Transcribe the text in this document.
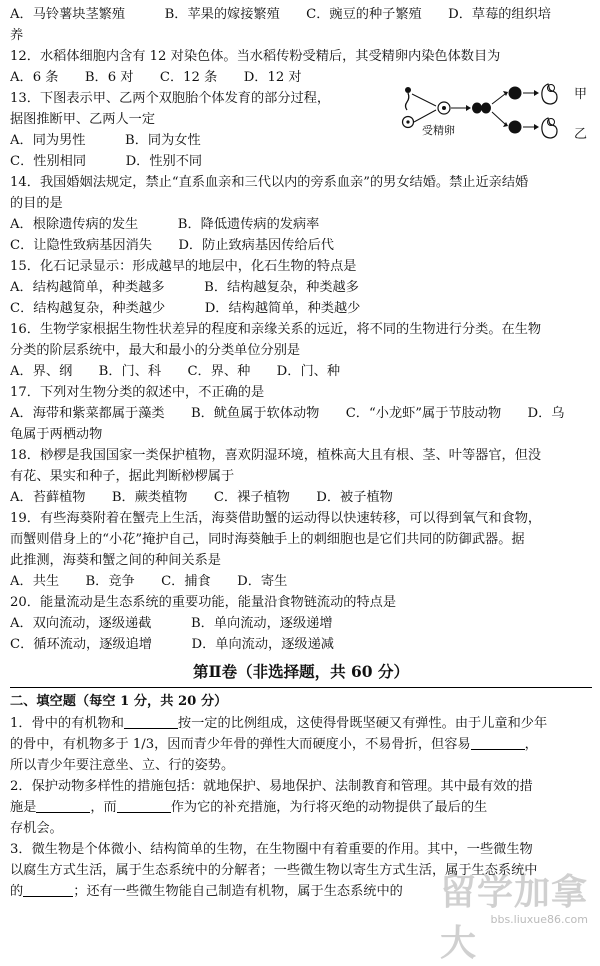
A．马铃薯块茎繁殖　　　B．苹果的嫁接繁殖　　C．豌豆的种子繁殖　　D．草莓的组织培
养
12．水稻体细胞内含有 12 对染色体。当水稻传粉受精后，其受精卵内染色体数目为
A．6 条　　B．6 对　　C．12 条　　D．12 对
13．下图表示甲、乙两个双胞胎个体发育的部分过程，
据图推断甲、乙两人一定
A．同为男性　　　B．同为女性
C．性别相同　　　D．性别不同
14．我国婚姻法规定，禁止“直系血亲和三代以内的旁系血亲”的男女结婚。禁止近亲结婚
的目的是
A．根除遗传病的发生　　　B．降低遗传病的发病率
C．让隐性致病基因消失　　D．防止致病基因传给后代
15．化石记录显示：形成越早的地层中，化石生物的特点是
A．结构越简单，种类越多　　　B．结构越复杂，种类越多
C．结构越复杂，种类越少　　　D．结构越简单，种类越少
16．生物学家根据生物性状差异的程度和亲缘关系的远近，将不同的生物进行分类。在生物
分类的阶层系统中，最大和最小的分类单位分别是
A．界、纲　　B．门、科　　C．界、种　　D．门、种
17．下列对生物分类的叙述中，不正确的是
A．海带和紫菜都属于藻类　　B．鱿鱼属于软体动物　　C．“小龙虾”属于节肢动物　　D．乌
龟属于两栖动物
18．桫椤是我国国家一类保护植物，喜欢阴湿环境，植株高大且有根、茎、叶等器官，但没
有花、果实和种子，据此判断桫椤属于
A．苔藓植物　　B．蕨类植物　　C．裸子植物　　D．被子植物
19．有些海葵附着在蟹壳上生活，海葵借助蟹的运动得以快速转移，可以得到氧气和食物，
而蟹则借身上的“小花”掩护自己，同时海葵触手上的刺细胞也是它们共同的防御武器。据
此推测，海葵和蟹之间的种间关系是
A．共生　　B．竞争　　C．捕食　　D．寄生
20．能量流动是生态系统的重要功能，能量沿食物链流动的特点是
A．双向流动，逐级递截　　　B．单向流动，逐级递增
C．循环流动，逐级追增　　　D．单向流动，逐级递减
第Ⅱ卷（非选择题，共 60 分）
二、填空题（每空 1 分，共 20 分）
1．骨中的有机物和	按一定的比例组成，这使得骨既坚硬又有弹性。由于儿童和少年
的骨中，有机物多于 1/3，因而青少年骨的弹性大而硬度小，不易骨折，但容易	，
所以青少年要注意坐、立、行的姿势。
2．保护动物多样性的措施包括：就地保护、易地保护、法制教育和管理。其中最有效的措
施是	，而	作为它的补充措施，为行将灭绝的动物提供了最后的生
存机会。
3．微生物是个体微小、结构简单的生物，在生物圈中有着重要的作用。其中，一些微生物
以腐生方式生活，属于生态系统中的分解者；一些微生物以寄生方式生活，属于生态系统中
的	；还有一些微生物能自己制造有机物，属于生态系统中的
甲
乙
受精卵
留学加拿大
bbs.liuxue86.com
